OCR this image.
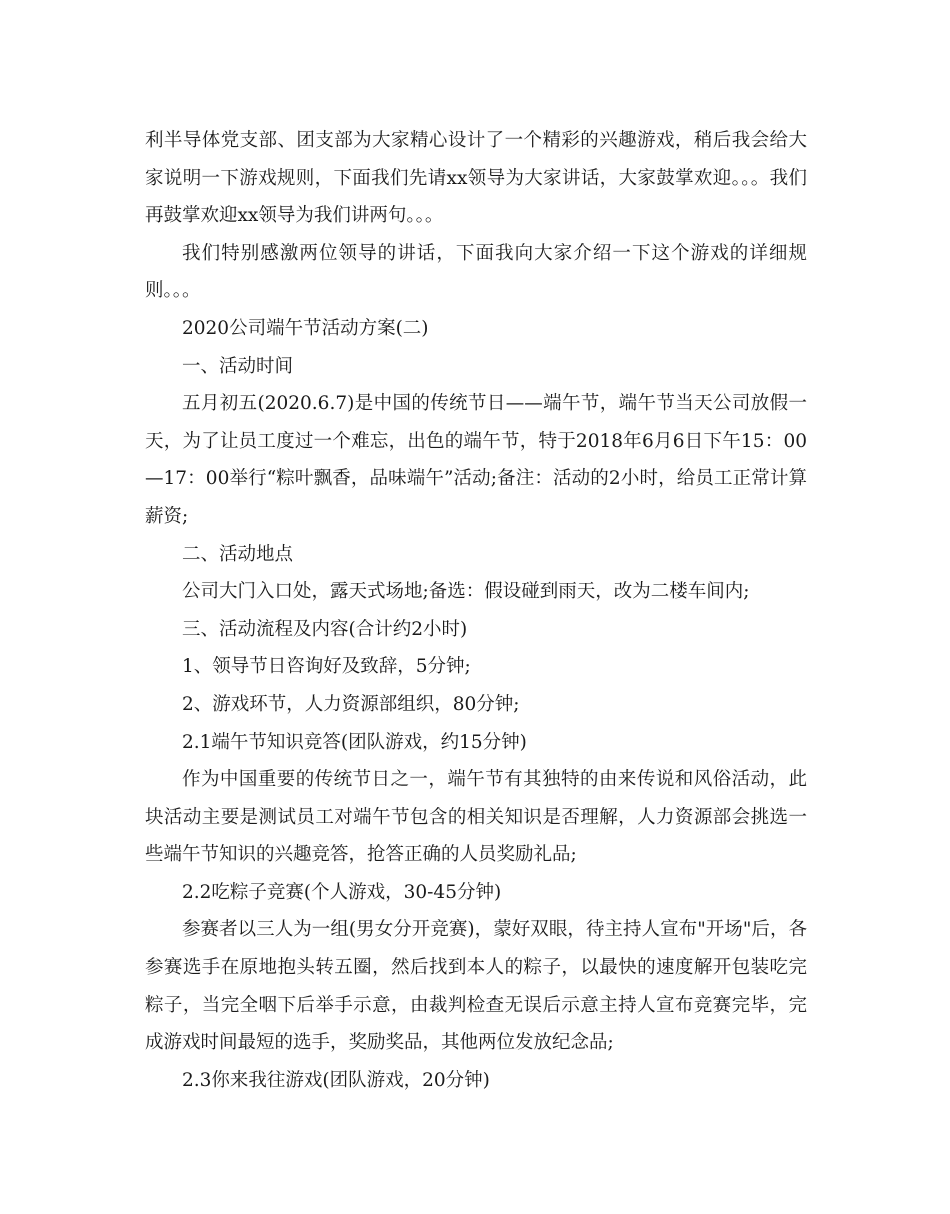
利半导体党支部、团支部为大家精心设计了一个精彩的兴趣游戏，稍后我会给大家说明一下游戏规则，下面我们先请xx领导为大家讲话，大家鼓掌欢迎。。。我们再鼓掌欢迎xx领导为我们讲两句。。。

我们特别感激两位领导的讲话，下面我向大家介绍一下这个游戏的详细规则。。。

2020公司端午节活动方案(二)

一、活动时间

五月初五(2020.6.7)是中国的传统节日——端午节，端午节当天公司放假一天，为了让员工度过一个难忘，出色的端午节，特于2018年6月6日下午15：00—17：00举行“粽叶飘香，品味端午”活动;备注：活动的2小时，给员工正常计算薪资;

二、活动地点

公司大门入口处，露天式场地;备选：假设碰到雨天，改为二楼车间内;

三、活动流程及内容(合计约2小时)

1、领导节日咨询好及致辞，5分钟;

2、游戏环节，人力资源部组织，80分钟;

2.1端午节知识竞答(团队游戏，约15分钟)

作为中国重要的传统节日之一，端午节有其独特的由来传说和风俗活动，此块活动主要是测试员工对端午节包含的相关知识是否理解，人力资源部会挑选一些端午节知识的兴趣竞答，抢答正确的人员奖励礼品;

2.2吃粽子竞赛(个人游戏，30-45分钟)

参赛者以三人为一组(男女分开竞赛)，蒙好双眼，待主持人宣布"开场"后，各参赛选手在原地抱头转五圈，然后找到本人的粽子，以最快的速度解开包装吃完粽子，当完全咽下后举手示意，由裁判检查无误后示意主持人宣布竞赛完毕，完成游戏时间最短的选手，奖励奖品，其他两位发放纪念品;

2.3你来我往游戏(团队游戏，20分钟)
